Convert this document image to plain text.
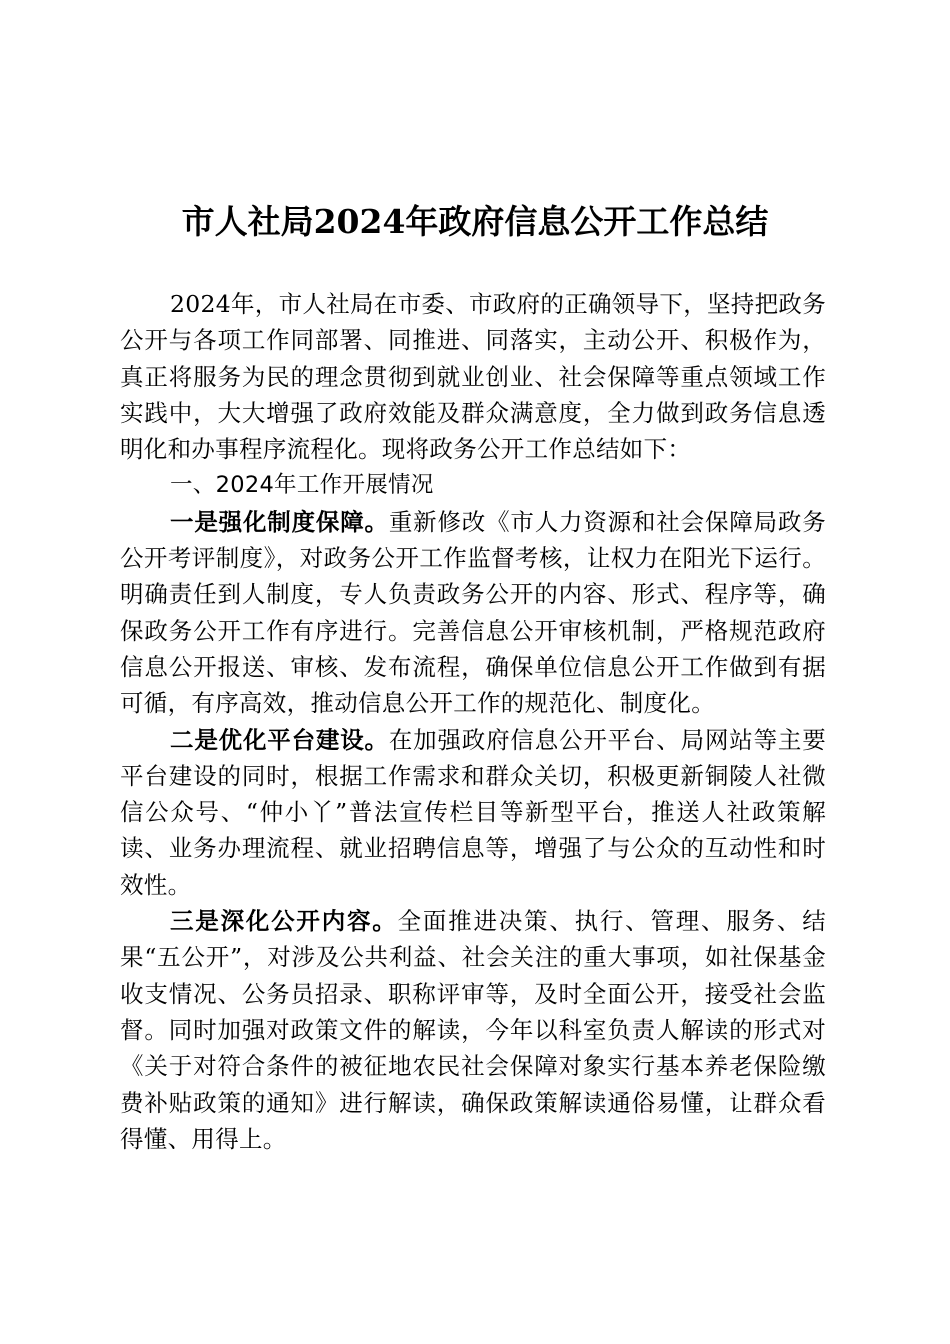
市人社局2024年政府信息公开工作总结

2024年，市人社局在市委、市政府的正确领导下，坚持把政务公开与各项工作同部署、同推进、同落实，主动公开、积极作为，真正将服务为民的理念贯彻到就业创业、社会保障等重点领域工作实践中，大大增强了政府效能及群众满意度，全力做到政务信息透明化和办事程序流程化。现将政务公开工作总结如下：

一、2024年工作开展情况

一是强化制度保障。重新修改《市人力资源和社会保障局政务公开考评制度》，对政务公开工作监督考核，让权力在阳光下运行。明确责任到人制度，专人负责政务公开的内容、形式、程序等，确保政务公开工作有序进行。完善信息公开审核机制，严格规范政府信息公开报送、审核、发布流程，确保单位信息公开工作做到有据可循，有序高效，推动信息公开工作的规范化、制度化。

二是优化平台建设。在加强政府信息公开平台、局网站等主要平台建设的同时，根据工作需求和群众关切，积极更新铜陵人社微信公众号、“仲小丫”普法宣传栏目等新型平台，推送人社政策解读、业务办理流程、就业招聘信息等，增强了与公众的互动性和时效性。

三是深化公开内容。全面推进决策、执行、管理、服务、结果“五公开”，对涉及公共利益、社会关注的重大事项，如社保基金收支情况、公务员招录、职称评审等，及时全面公开，接受社会监督。同时加强对政策文件的解读，今年以科室负责人解读的形式对《关于对符合条件的被征地农民社会保障对象实行基本养老保险缴费补贴政策的通知》进行解读，确保政策解读通俗易懂，让群众看得懂、用得上。
